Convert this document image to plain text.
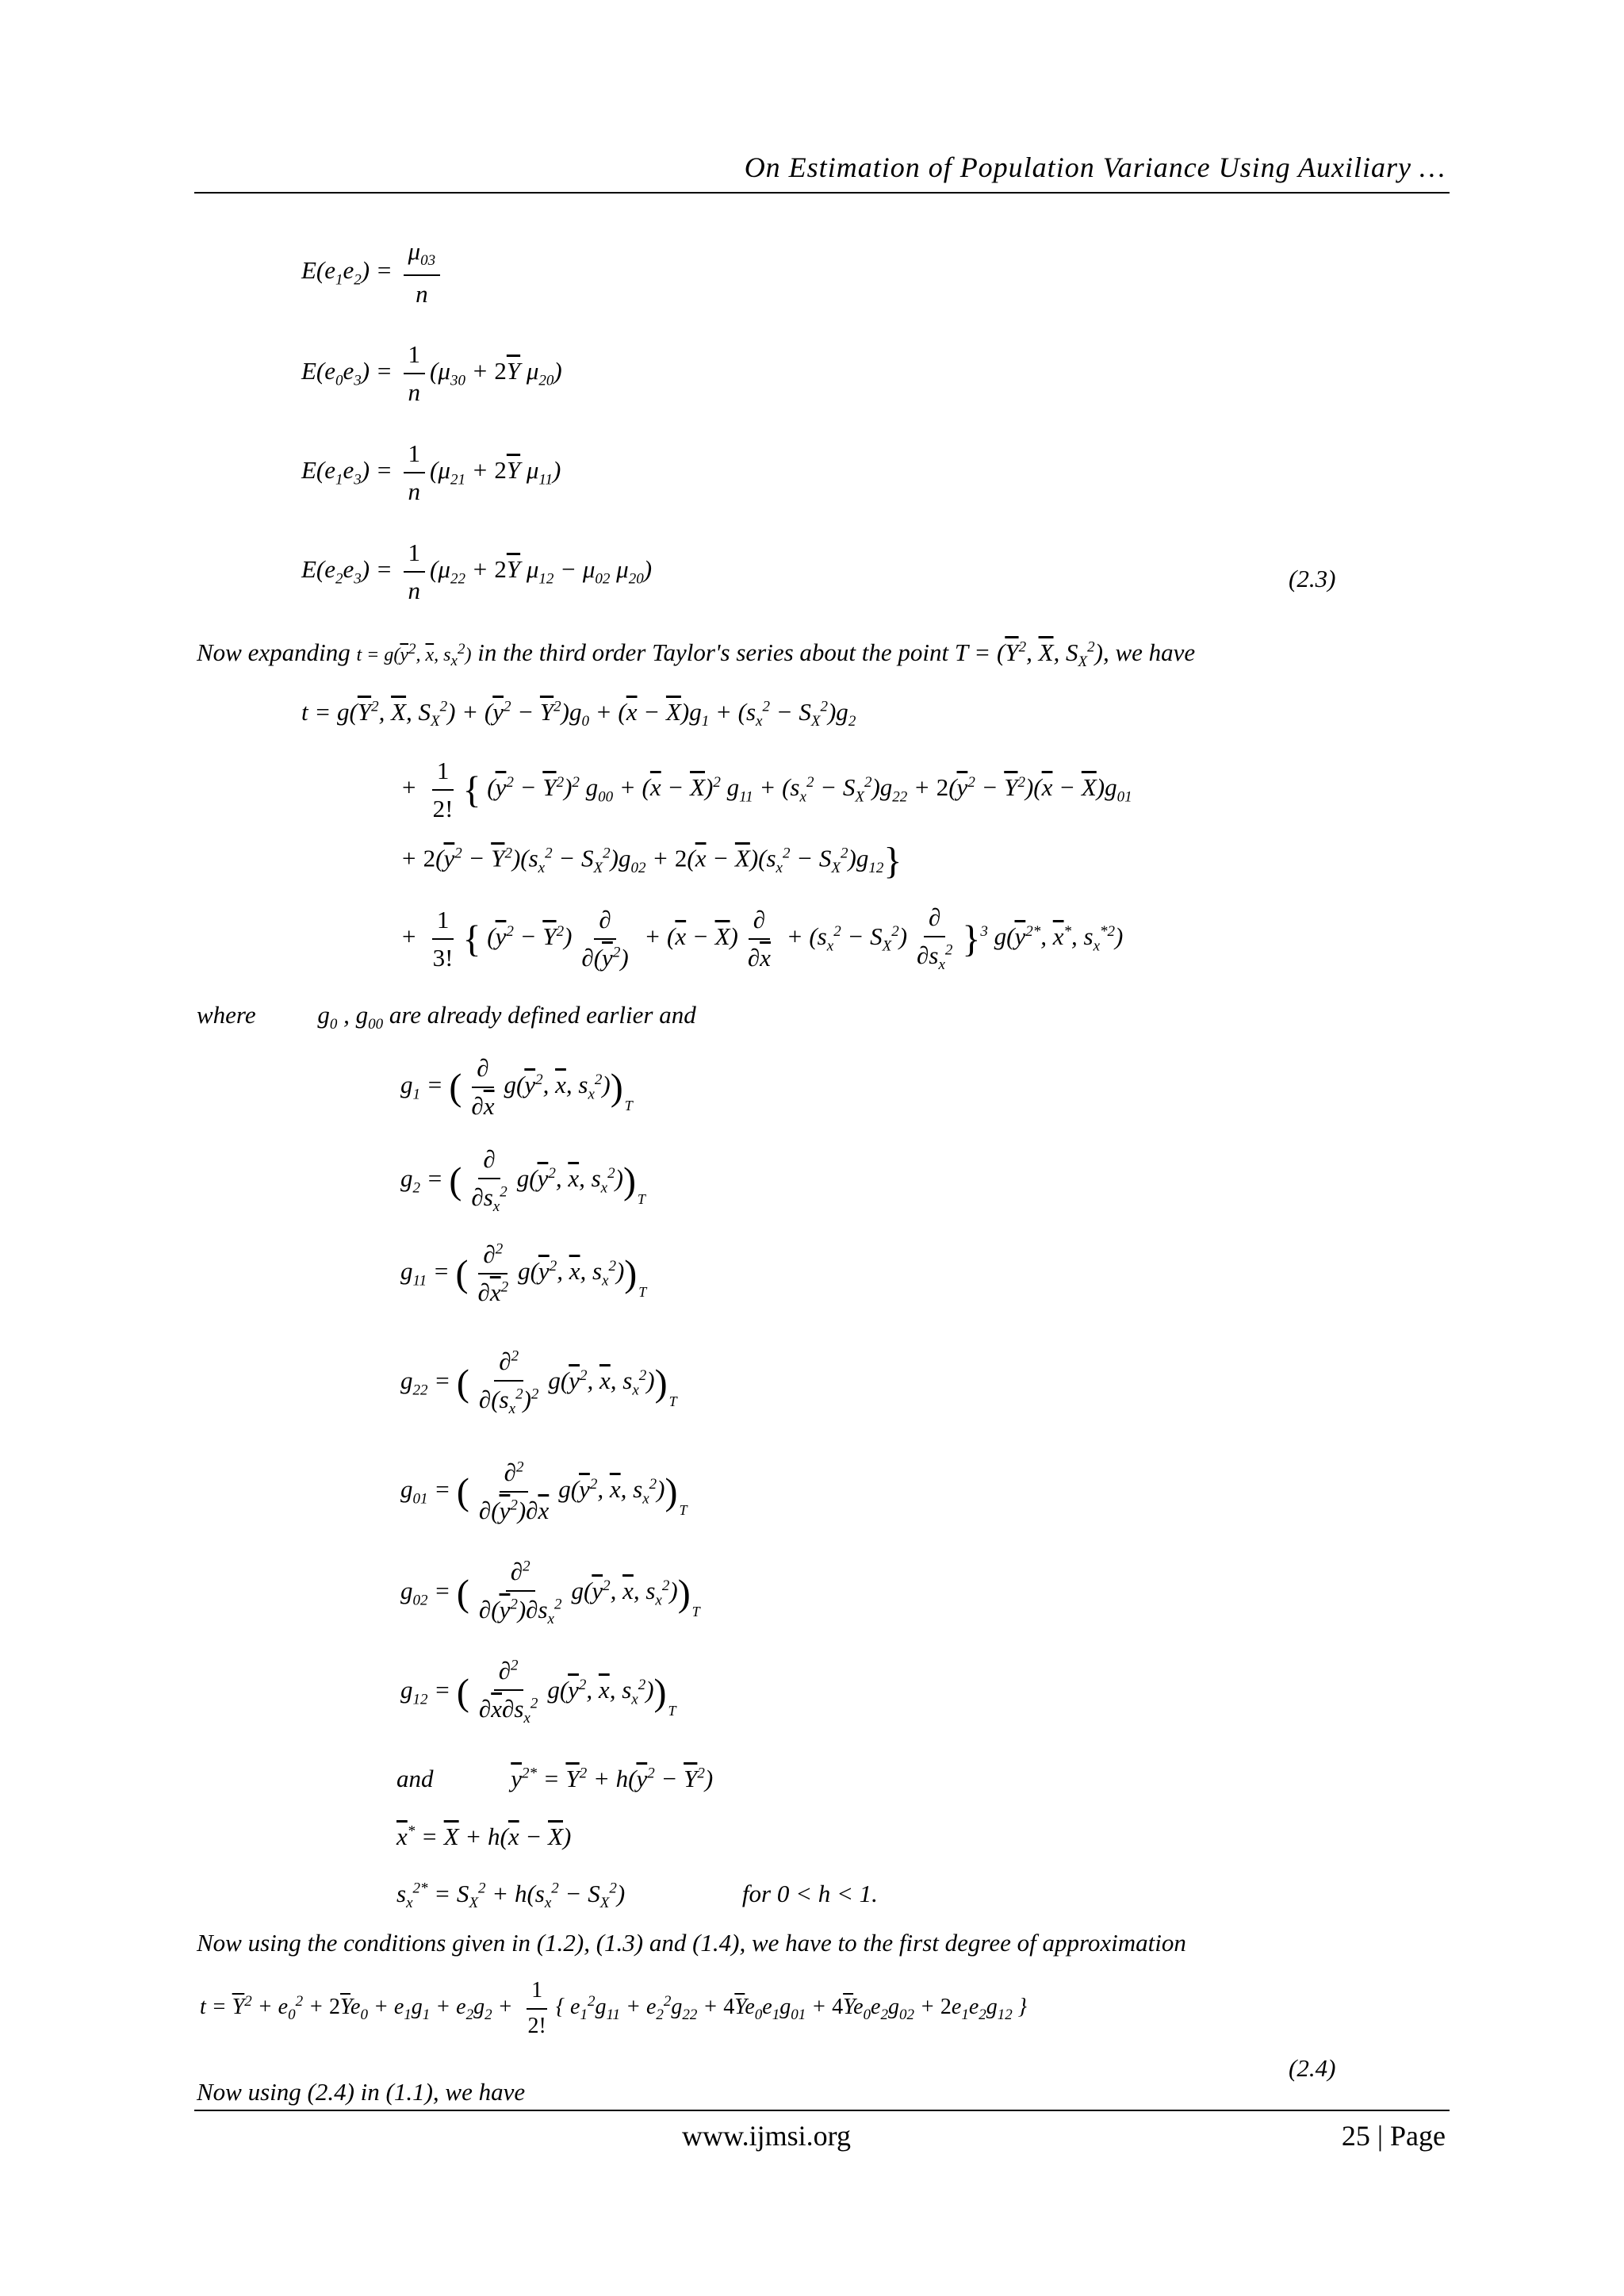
On Estimation of Population Variance Using Auxiliary …
$E(e_1e_2) = \frac{\mu_{03}}{n}$
$E(e_0e_3) = \frac{1}{n} (\mu_{30} + 2\overline{Y}$ $\mu_{20}$)
$E(e_1e_3) = \frac{1}{n} (\mu_{21} + 2\overline{Y}$ $\mu_{11}$)
$E(e_2e_3) = \frac{1}{n} (\mu_{22} + 2\overline{Y}$ $\mu_{12} - \mu_{02}$ $\mu_{20}$)	(2.3)
Now expanding $t = g(\overline{y}^2$, $\overline{x}$, $s_x^2$) in the third order Taylor's series about the point $T = (\overline{Y}^2$, $\overline{X}$, $S_X^2$), we have
$t = g(\overline{Y}^2$, $\overline{X}$, $S_X^2) + (\overline{y}^2 - \overline{Y}^2)g_0 + (\overline{x} - \overline{X})g_1 + (s_x^2 - S_X^2)g_2$
+ $\frac{1}{2!}$ { $(\overline{y}^2 - \overline{Y}^2)^2$ $g_{00} + (\overline{x} - \overline{X})^2$ $g_{11} + (s_x^2 - S_X^2)g_{22} + 2(\overline{y}^2 - \overline{Y}^2)(\overline{x} - \overline{X})g_{01}$
+ $2(\overline{y}^2 - \overline{Y}^2)(s_x^2 - S_X^2)g_{02} + 2(\overline{x} - \overline{X})(s_x^2 - S_X^2)g_{12}$}
+ $\frac{1}{3!}$ { $(\overline{y}^2 - \overline{Y}^2) \frac{\partial}{\partial(\overline{y}^2)} + (\overline{x} - \overline{X}) \frac{\partial}{\partial\overline{x}} + (s_x^2 - S_X^2) \frac{\partial}{\partial s_x^2} \}^3$ $g(\overline{y}^{2*}$, $\overline{x}^*$, $s_x^{*2}$)
where	$g_0$ , $g_{00}$ are already defined earlier and
$g_1$ = ( $\frac{\partial}{\partial\overline{x}} g(\overline{y}^2$, $\overline{x}$, $s_x^2$)) $_T$
$g_2$ = ( $\frac{\partial}{\partial s_x^2} g(\overline{y}^2$, $\overline{x}$, $s_x^2$)) $_T$
$g_{11}$ = ( $\frac{\partial^2}{\partial\overline{x}^2} g(\overline{y}^2$, $\overline{x}$, $s_x^2$)) $_T$
$g_{22}$ = ( $\frac{\partial^2}{\partial(s_x^2)^2} g(\overline{y}^2$, $\overline{x}$, $s_x^2$)) $_T$
$g_{01}$ = ( $\frac{\partial^2}{\partial(\overline{y}^2)\partial\overline{x}} g(\overline{y}^2$, $\overline{x}$, $s_x^2$)) $_T$
$g_{02}$ = ( $\frac{\partial^2}{\partial(\overline{y}^2)\partial s_x^2} g(\overline{y}^2$, $\overline{x}$, $s_x^2$)) $_T$
$g_{12}$ = ( $\frac{\partial^2}{\partial\overline{x}\partial s_x^2} g(\overline{y}^2$, $\overline{x}$, $s_x^2$)) $_T$
and	$\overline{y}^{2*} = \overline{Y}^2 + h(\overline{y}^2 - \overline{Y}^2)$
$\overline{x}^* = \overline{X} + h(\overline{x} - \overline{X})$
$s_x^{2*} = S_X^2 + h(s_x^2 - S_X^2)$	for 0 < h < 1.
Now using the conditions given in (1.2), (1.3) and (1.4), we have to the first degree of approximation
$t = \overline{Y}^2 + e_0^2 + 2\overline{Y}e_0 + e_1g_1 + e_2g_2 + \frac{1}{2!}$ { $e_1^2g_{11} + e_2^2g_{22} + 4\overline{Y}e_0e_1g_{01} + 4\overline{Y}e_0e_2g_{02} + 2e_1e_2g_{12}$ }
(2.4)
Now using (2.4) in (1.1), we have
www.ijmsi.org	25 | Page
